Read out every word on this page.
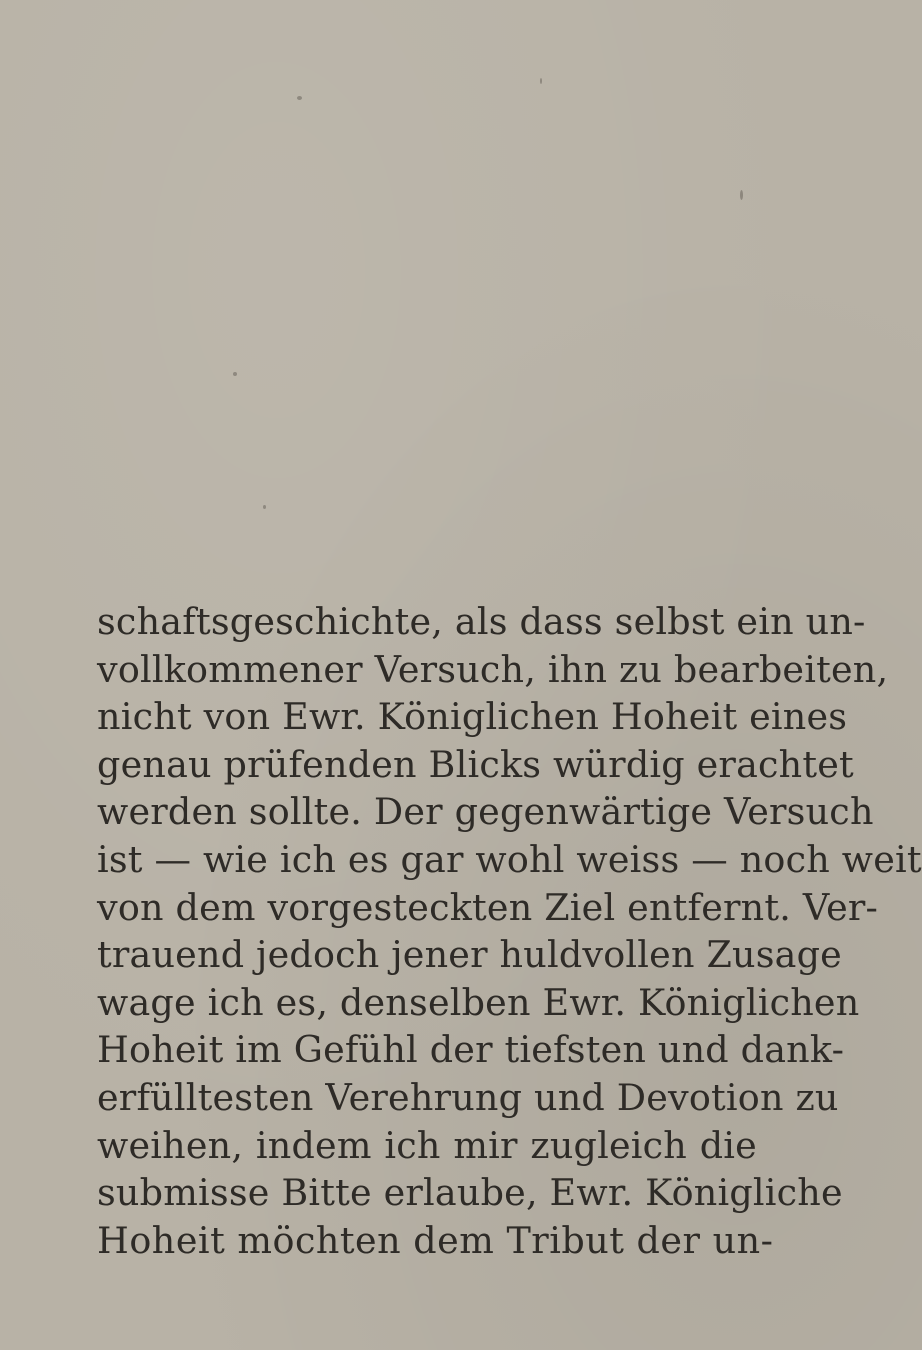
schaftsgeschichte, als dass selbst ein un-
vollkommener Versuch, ihn zu bearbeiten,
nicht von Ewr. Königlichen Hoheit eines
genau prüfenden Blicks würdig erachtet
werden sollte. Der gegenwärtige Versuch
ist — wie ich es gar wohl weiss — noch weit
von dem vorgesteckten Ziel entfernt. Ver-
trauend jedoch jener huldvollen Zusage
wage ich es, denselben Ewr. Königlichen
Hoheit im Gefühl der tiefsten und dank-
erfülltesten Verehrung und Devotion zu
weihen, indem ich mir zugleich die
submisse Bitte erlaube, Ewr. Königliche
Hoheit möchten dem Tribut der un-
